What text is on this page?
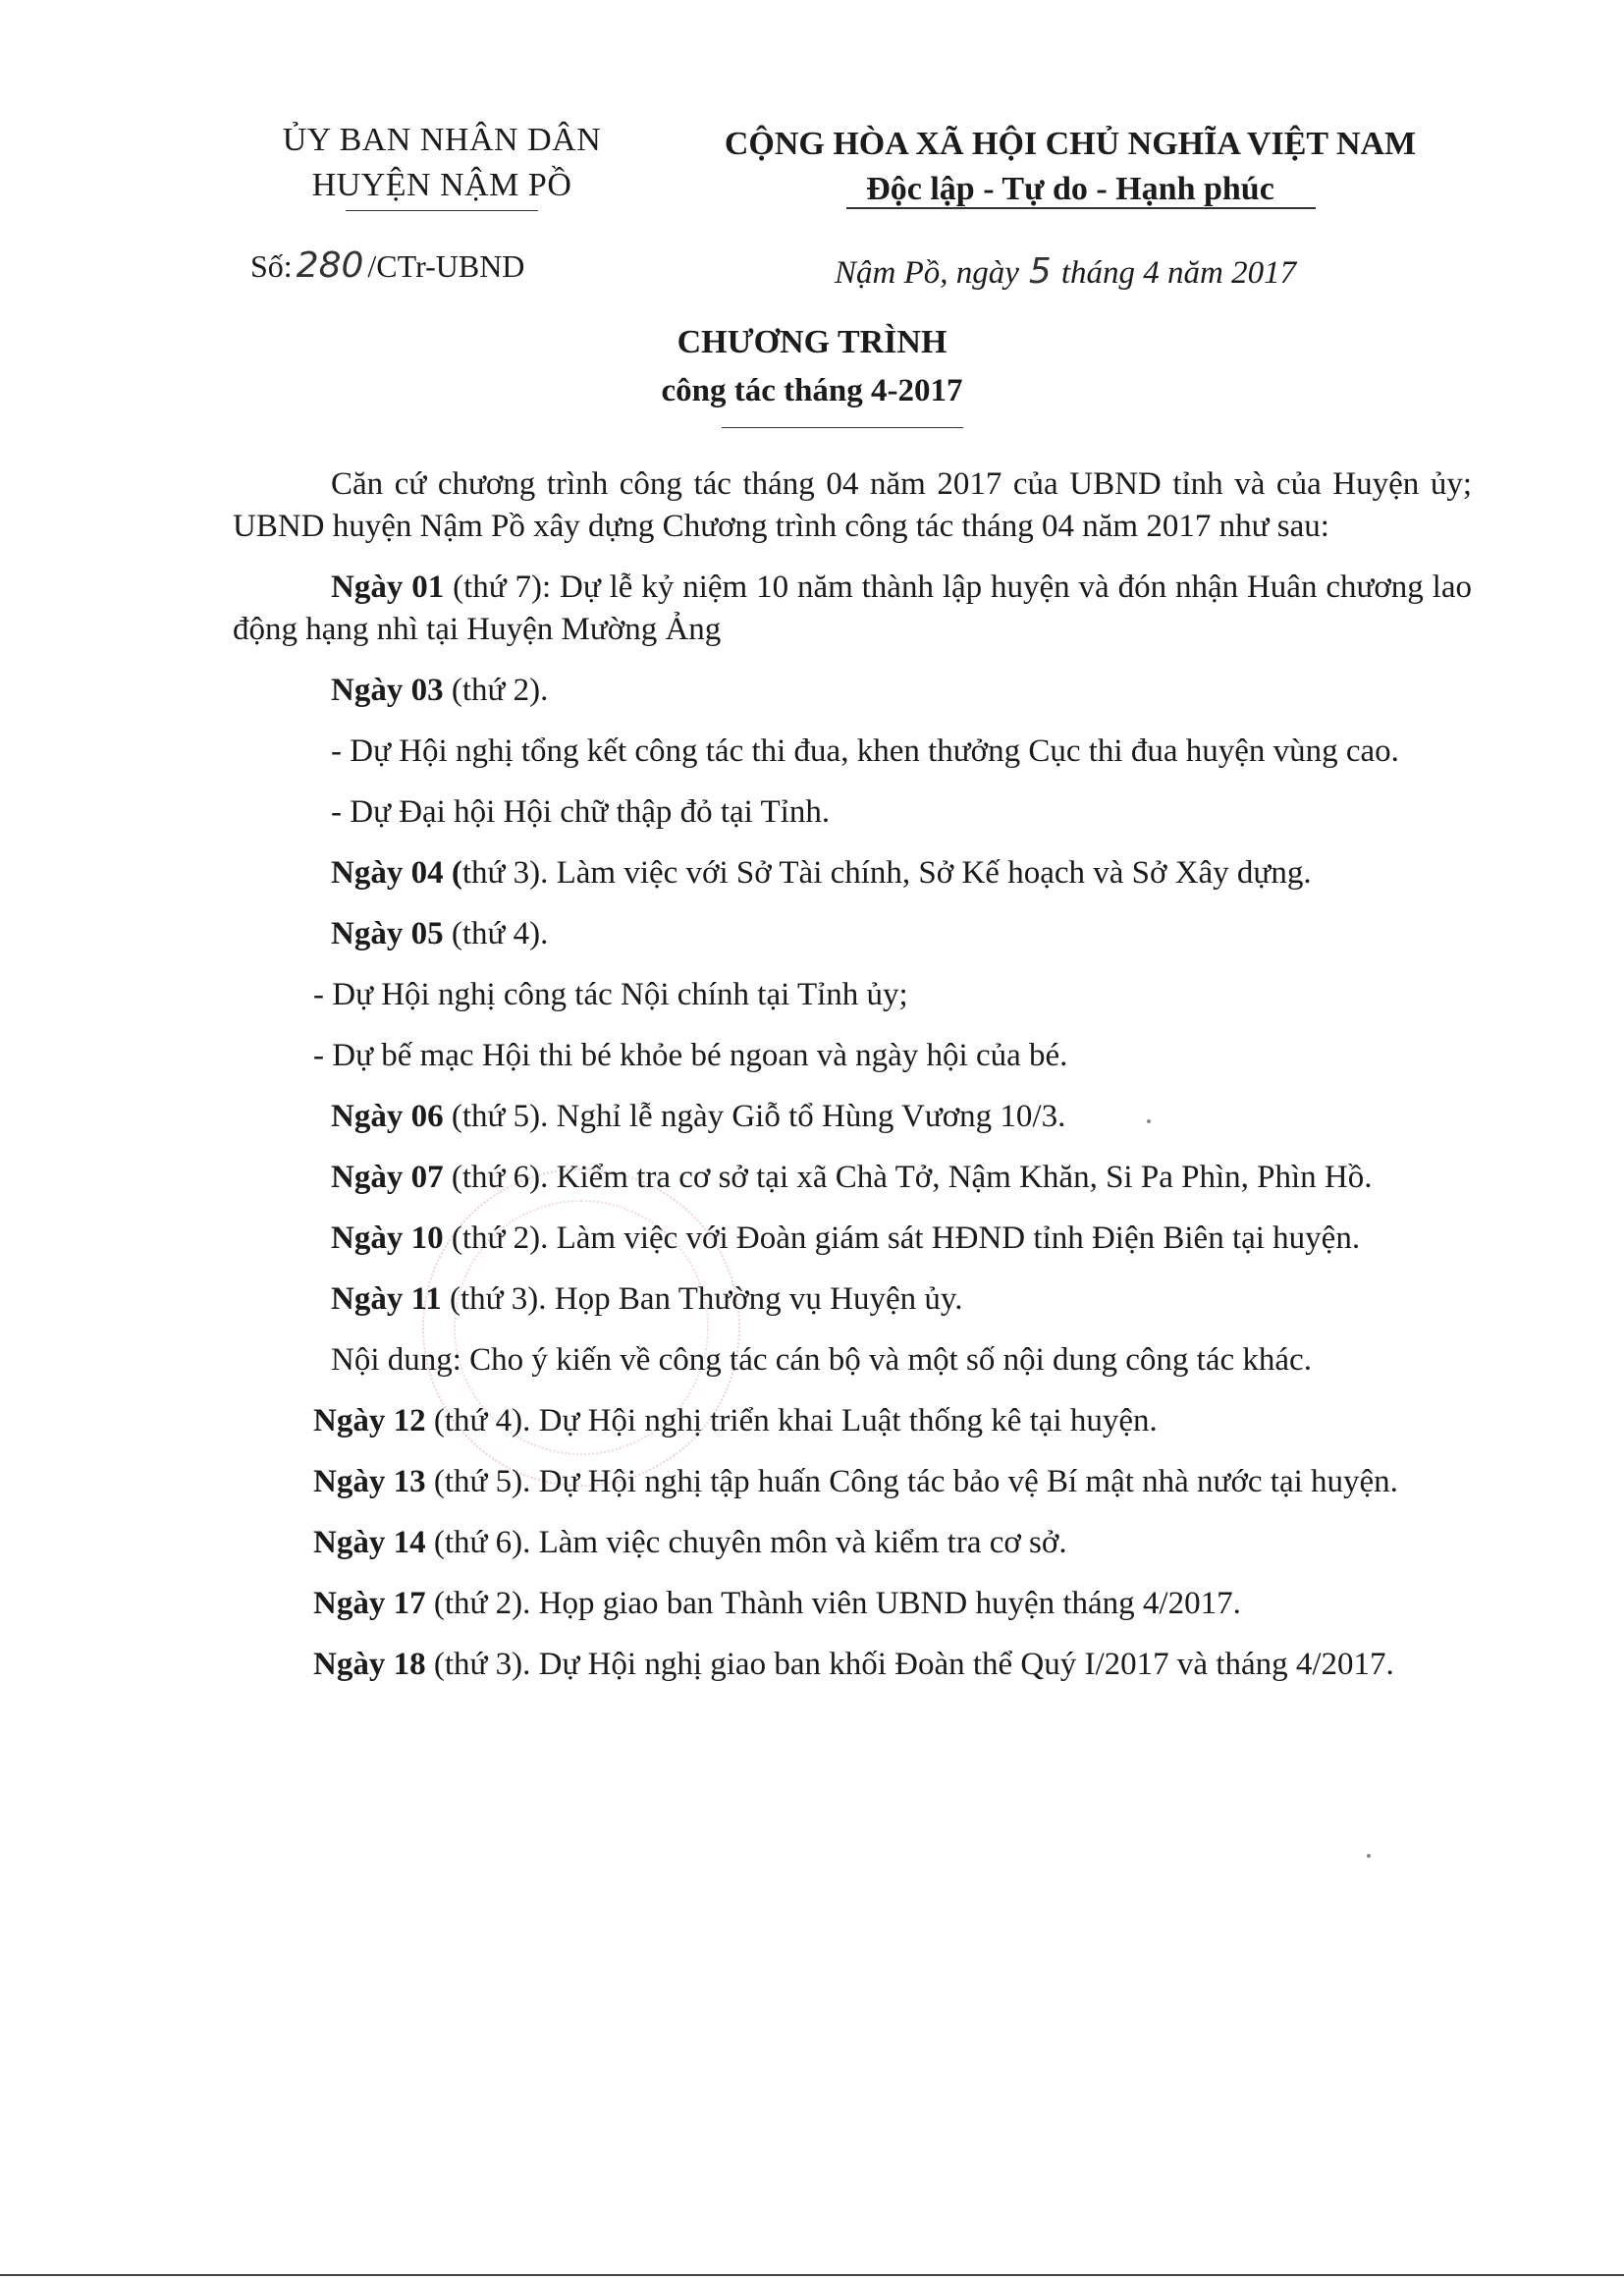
ỦY BAN NHÂN DÂN
HUYỆN NẬM PỒ
CỘNG HÒA XÃ HỘI CHỦ NGHĨA VIỆT NAM
Độc lập - Tự do - Hạnh phúc
Số: 280 /CTr-UBND	Nậm Pồ, ngày 5 tháng 4 năm 2017
CHƯƠNG TRÌNH
công tác tháng 4-2017

Căn cứ chương trình công tác tháng 04 năm 2017 của UBND tỉnh và của Huyện ủy; UBND huyện Nậm Pồ xây dựng Chương trình công tác tháng 04 năm 2017 như sau:

Ngày 01 (thứ 7): Dự lễ kỷ niệm 10 năm thành lập huyện và đón nhận Huân chương lao động hạng nhì tại Huyện Mường Ảng

Ngày 03 (thứ 2).

- Dự Hội nghị tổng kết công tác thi đua, khen thưởng Cục thi đua huyện vùng cao.

- Dự Đại hội Hội chữ thập đỏ tại Tỉnh.

Ngày 04 (thứ 3). Làm việc với Sở Tài chính, Sở Kế hoạch và Sở Xây dựng.

Ngày 05 (thứ 4).

- Dự Hội nghị công tác Nội chính tại Tỉnh ủy;

- Dự bế mạc Hội thi bé khỏe bé ngoan và ngày hội của bé.

Ngày 06 (thứ 5). Nghỉ lễ ngày Giỗ tổ Hùng Vương 10/3.

Ngày 07 (thứ 6). Kiểm tra cơ sở tại xã Chà Tở, Nậm Khăn, Si Pa Phìn, Phìn Hồ.

Ngày 10 (thứ 2). Làm việc với Đoàn giám sát HĐND tỉnh Điện Biên tại huyện.

Ngày 11 (thứ 3). Họp Ban Thường vụ Huyện ủy.

Nội dung: Cho ý kiến về công tác cán bộ và một số nội dung công tác khác.

Ngày 12 (thứ 4). Dự Hội nghị triển khai Luật thống kê tại huyện.

Ngày 13 (thứ 5). Dự Hội nghị tập huấn Công tác bảo vệ Bí mật nhà nước tại huyện.

Ngày 14 (thứ 6). Làm việc chuyên môn và kiểm tra cơ sở.

Ngày 17 (thứ 2). Họp giao ban Thành viên UBND huyện tháng 4/2017.

Ngày 18 (thứ 3). Dự Hội nghị giao ban khối Đoàn thể Quý I/2017 và tháng 4/2017.
